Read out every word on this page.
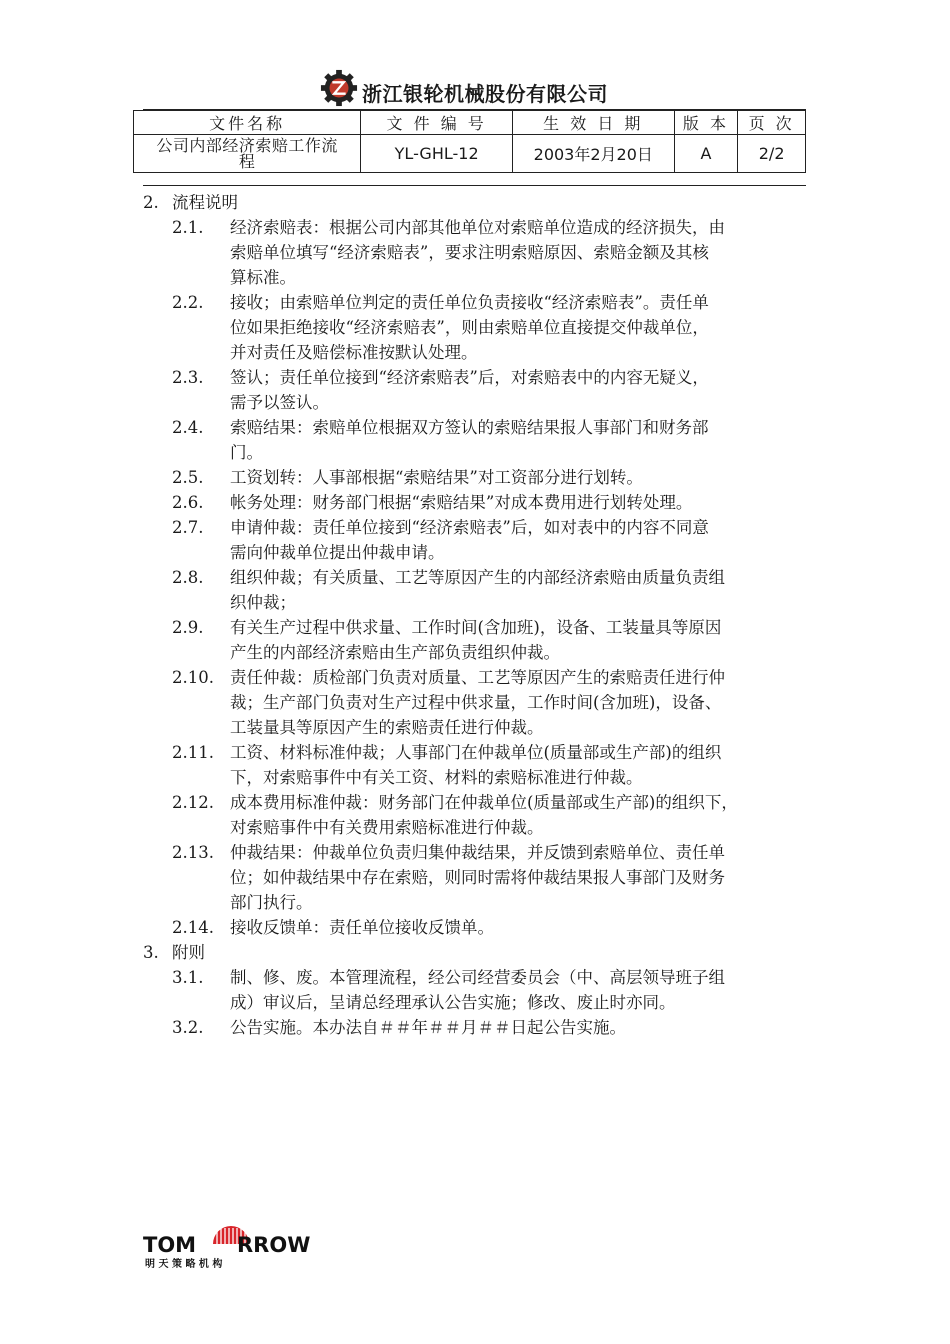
浙江银轮机械股份有限公司
文件名称	文 件 编 号	生 效 日 期	版 本	页 次

公司内部经济索赔工作流
程	YL-GHL-12	2003年2月20日	A	2/2
2. 流程说明
2.1. 经济索赔表：根据公司内部其他单位对索赔单位造成的经济损失，由
索赔单位填写“经济索赔表”，要求注明索赔原因、索赔金额及其核
算标准。
2.2. 接收；由索赔单位判定的责任单位负责接收“经济索赔表”。责任单
位如果拒绝接收“经济索赔表”，则由索赔单位直接提交仲裁单位，
并对责任及赔偿标准按默认处理。
2.3. 签认；责任单位接到“经济索赔表”后，对索赔表中的内容无疑义，
需予以签认。
2.4. 索赔结果：索赔单位根据双方签认的索赔结果报人事部门和财务部
门。
2.5. 工资划转：人事部根据“索赔结果”对工资部分进行划转。
2.6. 帐务处理：财务部门根据“索赔结果”对成本费用进行划转处理。
2.7. 申请仲裁：责任单位接到“经济索赔表”后，如对表中的内容不同意
需向仲裁单位提出仲裁申请。
2.8. 组织仲裁；有关质量、工艺等原因产生的内部经济索赔由质量负责组
织仲裁；
2.9. 有关生产过程中供求量、工作时间(含加班)，设备、工装量具等原因
产生的内部经济索赔由生产部负责组织仲裁。
2.10. 责任仲裁：质检部门负责对质量、工艺等原因产生的索赔责任进行仲
裁；生产部门负责对生产过程中供求量，工作时间(含加班)，设备、
工装量具等原因产生的索赔责任进行仲裁。
2.11. 工资、材料标准仲裁；人事部门在仲裁单位(质量部或生产部)的组织
下，对索赔事件中有关工资、材料的索赔标准进行仲裁。
2.12. 成本费用标准仲裁：财务部门在仲裁单位(质量部或生产部)的组织下，
对索赔事件中有关费用索赔标准进行仲裁。
2.13. 仲裁结果：仲裁单位负责归集仲裁结果，并反馈到索赔单位、责任单
位；如仲裁结果中存在索赔，则同时需将仲裁结果报人事部门及财务
部门执行。
2.14. 接收反馈单：责任单位接收反馈单。
3. 附则
3.1. 制、修、废。本管理流程，经公司经营委员会（中、高层领导班子组
成）审议后，呈请总经理承认公告实施；修改、废止时亦同。
3.2. 公告实施。本办法自＃＃年＃＃月＃＃日起公告实施。
TOM RROW
明 天 策 略 机 构
